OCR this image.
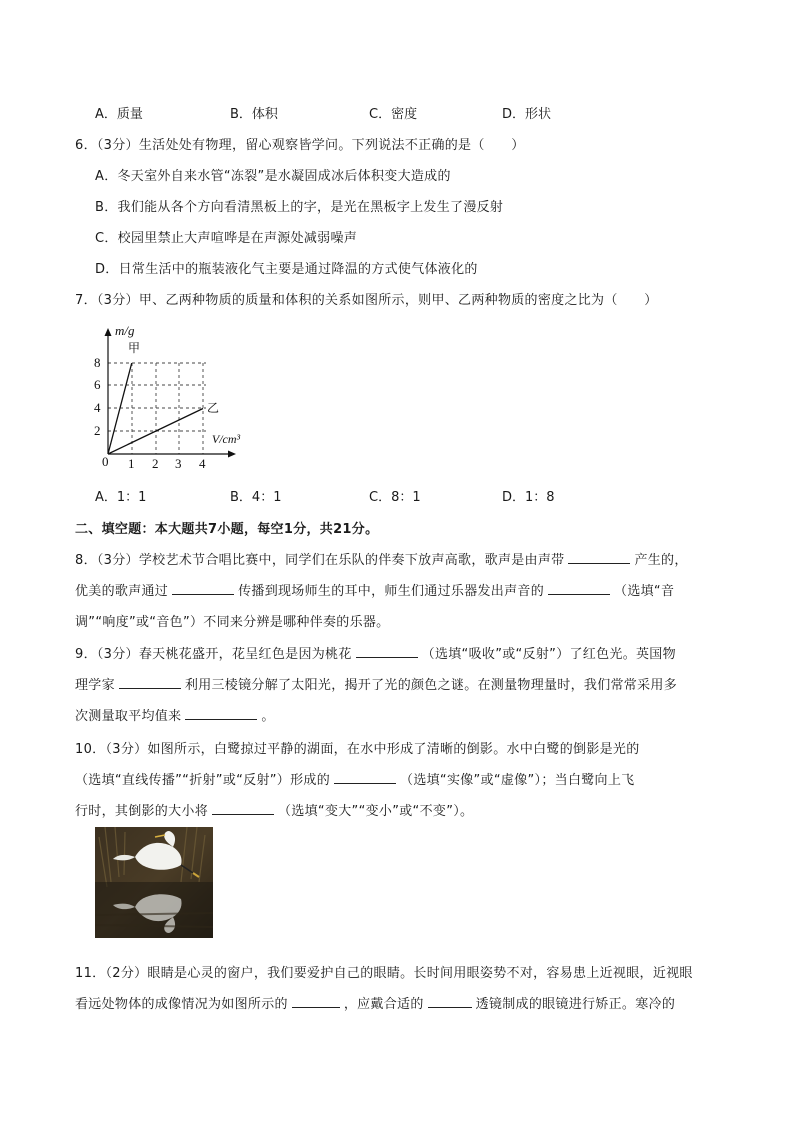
A．质量	B．体积	C．密度	D．形状
6．（3分）生活处处有物理，留心观察皆学问。下列说法不正确的是（　　）
A．冬天室外自来水管“冻裂”是水凝固成冰后体积变大造成的
B．我们能从各个方向看清黑板上的字，是光在黑板字上发生了漫反射
C．校园里禁止大声喧哗是在声源处减弱噪声
D．日常生活中的瓶装液化气主要是通过降温的方式使气体液化的
7．（3分）甲、乙两种物质的质量和体积的关系如图所示，则甲、乙两种物质的密度之比为（　　）
m/g
甲
乙
V/cm³
8
6
4
2
0 1 2 3 4
A．1：1	B．4：1	C．8：1	D．1：8
二、填空题：本大题共7小题，每空1分，共21分。
8．（3分）学校艺术节合唱比赛中，同学们在乐队的伴奏下放声高歌，歌声是由声带	产生的，
优美的歌声通过	传播到现场师生的耳中，师生们通过乐器发出声音的	（选填“音
调”“响度”或“音色”）不同来分辨是哪种伴奏的乐器。
9．（3分）春天桃花盛开，花呈红色是因为桃花	（选填“吸收”或“反射”）了红色光。英国物
理学家	利用三棱镜分解了太阳光，揭开了光的颜色之谜。在测量物理量时，我们常常采用多
次测量取平均值来	。
10．（3分）如图所示，白鹭掠过平静的湖面，在水中形成了清晰的倒影。水中白鹭的倒影是光的
（选填“直线传播”“折射”或“反射”）形成的	（选填“实像”或“虚像”）；当白鹭向上飞
行时，其倒影的大小将	（选填“变大”“变小”或“不变”）。
11．（2分）眼睛是心灵的窗户，我们要爱护自己的眼睛。长时间用眼姿势不对，容易患上近视眼，近视眼
看远处物体的成像情况为如图所示的	，应戴合适的	透镜制成的眼镜进行矫正。寒冷的
